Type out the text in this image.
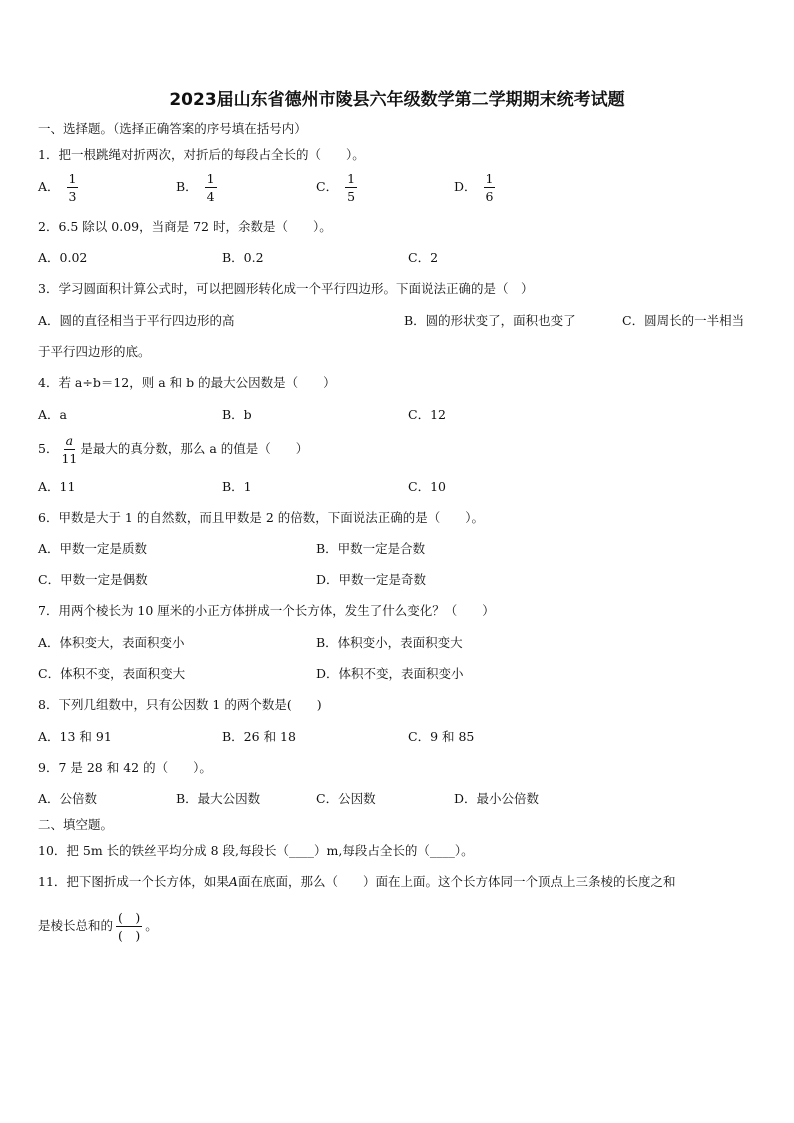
2023届山东省德州市陵县六年级数学第二学期期末统考试题
一、选择题。（选择正确答案的序号填在括号内）
1．把一根跳绳对折两次，对折后的每段占全长的（　　）。
A． $\frac{1}{3}$	B． $\frac{1}{4}$	C． $\frac{1}{5}$	D． $\frac{1}{6}$
2．6.5 除以 0.09，当商是 72 时，余数是（　　）。
A．0.02	B．0.2	C．2
3．学习圆面积计算公式时，可以把圆形转化成一个平行四边形。下面说法正确的是（　）
A．圆的直径相当于平行四边形的高	B．圆的形状变了，面积也变了	C．圆周长的一半相当
于平行四边形的底。
4．若 a÷b＝12，则 a 和 b 的最大公因数是（　　）
A．a	B．b	C．12
5． $\frac{a}{11}$ 是最大的真分数，那么 a 的值是（　　）
A．11	B．1	C．10
6．甲数是大于 1 的自然数，而且甲数是 2 的倍数，下面说法正确的是（　　）。
A．甲数一定是质数	B．甲数一定是合数
C．甲数一定是偶数	D．甲数一定是奇数
7．用两个棱长为 10 厘米的小正方体拼成一个长方体，发生了什么变化？（　　）
A．体积变大，表面积变小	B．体积变小，表面积变大
C．体积不变，表面积变大	D．体积不变，表面积变小
8．下列几组数中，只有公因数 1 的两个数是(　　)
A．13 和 91	B．26 和 18	C．9 和 85
9．7 是 28 和 42 的（　　）。
A．公倍数	B．最大公因数	C．公因数	D．最小公倍数
二、填空题。
10．把 5m 长的铁丝平均分成 8 段,每段长（____）m,每段占全长的（____）。
11．把下图折成一个长方体，如果A面在底面，那么（　　）面在上面。这个长方体同一个顶点上三条棱的长度之和
是棱长总和的 $\frac{( )}{( )}$ 。
